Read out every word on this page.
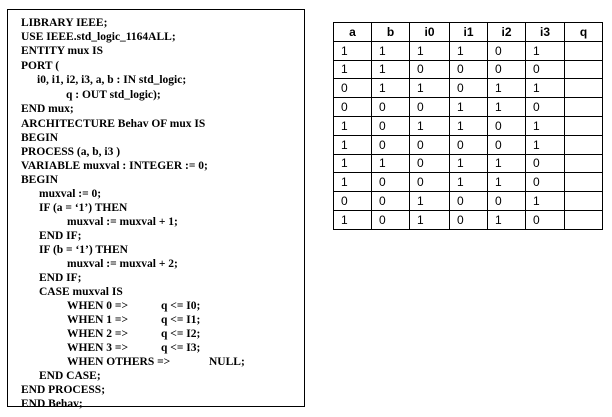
LIBRARY IEEE;
USE IEEE.std_logic_1164ALL;
ENTITY mux IS
PORT (
i0, i1, i2, i3, a, b : IN std_logic;
q : OUT std_logic);
END mux;
ARCHITECTURE Behav OF mux IS
BEGIN
PROCESS (a, b, i3 )
VARIABLE muxval : INTEGER := 0;
BEGIN
muxval := 0;
IF (a = ‘1’) THEN
muxval := muxval + 1;
END IF;
IF (b = ‘1’) THEN
muxval := muxval + 2;
END IF;
CASE muxval IS
WHEN 0 =>
WHEN 1 =>
WHEN 2 =>
WHEN 3 =>
WHEN OTHERS =>
END CASE;
END PROCESS;
END Behav;
q <= I0;
q <= I1;
q <= I2;
q <= I3;
NULL;
a	b	i0	i1	i2	i3	q
1	1	1	1	0	1	
1	1	0	0	0	0	
0	1	1	0	1	1	
0	0	0	1	1	0	
1	0	1	1	0	1	
1	0	0	0	0	1	
1	1	0	1	1	0	
1	0	0	1	1	0	
0	0	1	0	0	1	
1	0	1	0	1	0	
